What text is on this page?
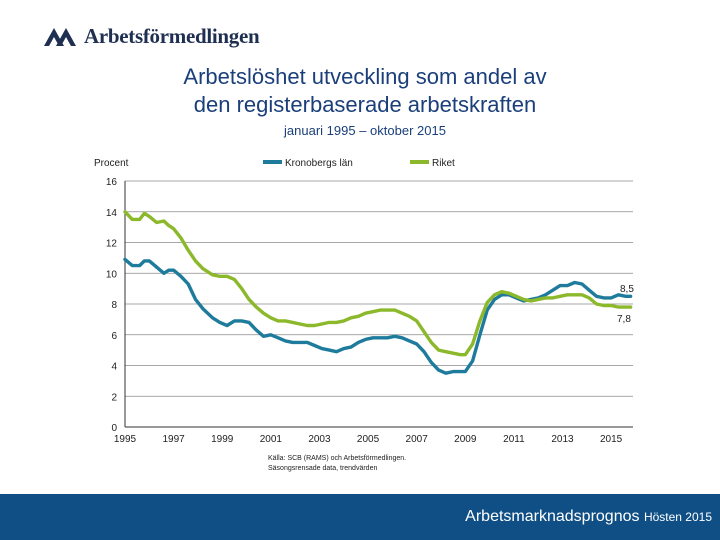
Arbetsförmedlingen
Arbetslöshet utveckling som andel av
den registerbaserade arbetskraften
januari 1995 – oktober 2015
0
2
4
6
8
10
12
14
16
1995	1997	1999	2001	2003	2005	2007	2009	2011	2013	2015
Procent	Kronobergs län	Riket
8,5
7,8
Källa: SCB (RAMS) och Arbetsförmedlingen.
Säsongsrensade data, trendvärden
Arbetsmarknadsprognos Hösten 2015
